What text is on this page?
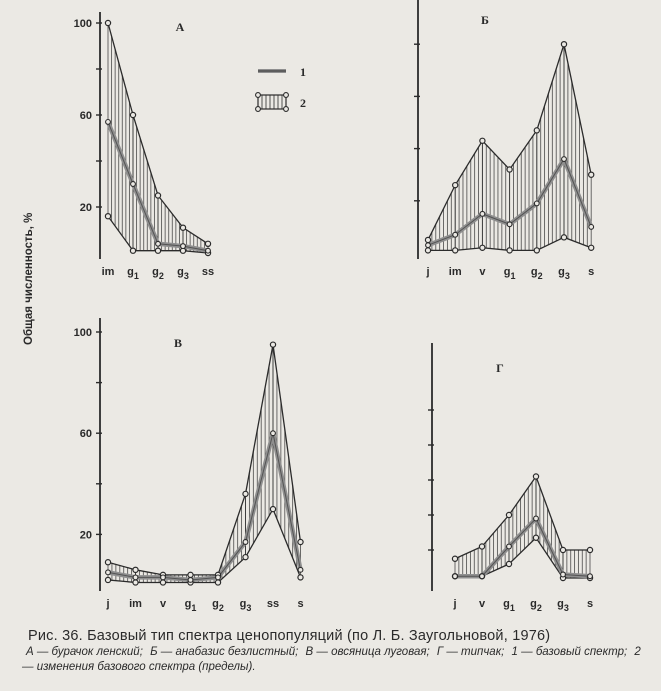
20
60
100
im $g_1$ $g_2$ $g_3$ ss
А
j im v $g_1$ $g_2$ $g_3$ s
Б
20
60
100
j im v $g_1$ $g_2$ $g_3$ ss s
В
j v $g_1$ $g_2$ $g_3$ s
Г
Общая численность, %
1
2
Рис. 36. Базовый тип спектра ценопопуляций (по Л. Б. Заугольновой, 1976)
А — бурачок ленский; Б — анабазис безлистный; В — овсяница луговая; Г — типчак; 1 — базовый спектр; 2 — изменения базового спектра (пределы).
